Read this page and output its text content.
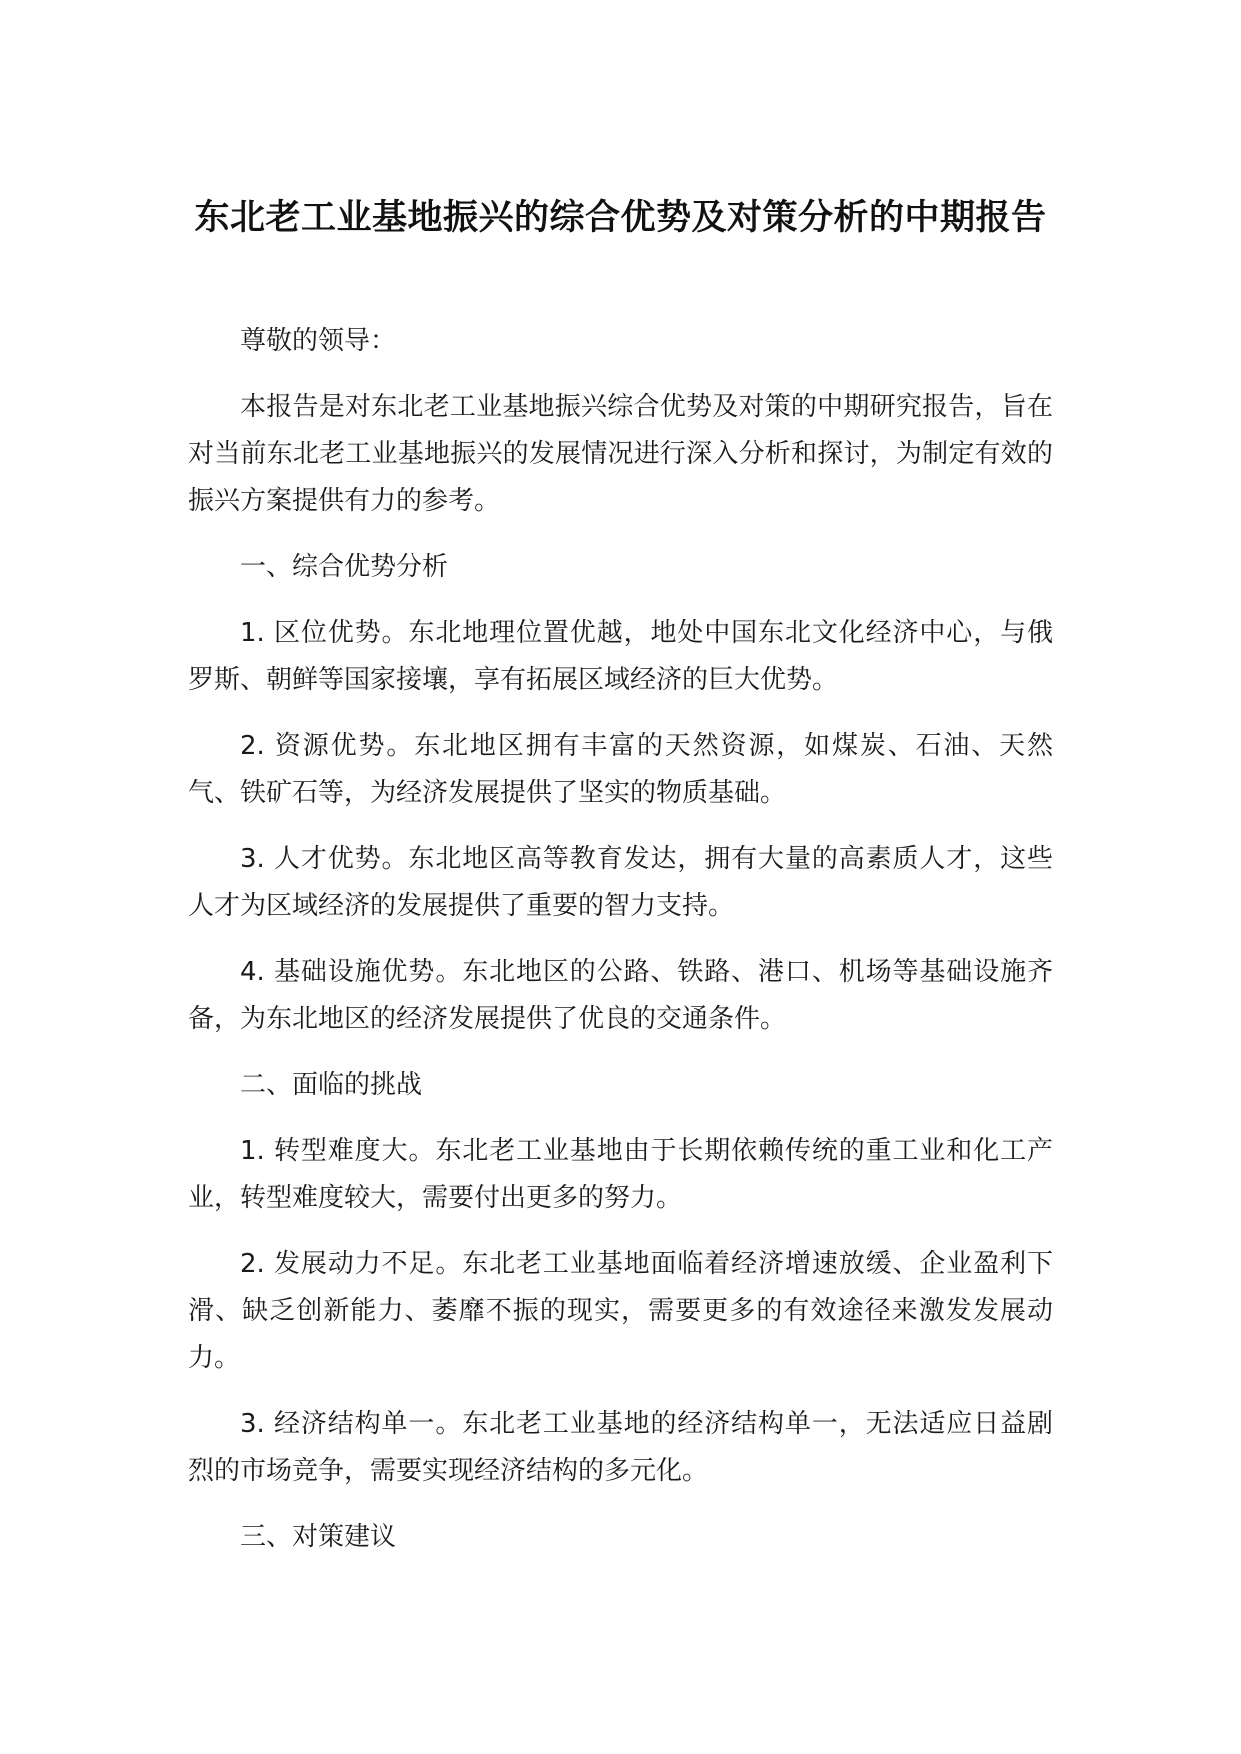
东北老工业基地振兴的综合优势及对策分析的中期报告

尊敬的领导：

本报告是对东北老工业基地振兴综合优势及对策的中期研究报告，旨在对当前东北老工业基地振兴的发展情况进行深入分析和探讨，为制定有效的振兴方案提供有力的参考。

一、综合优势分析

1. 区位优势。东北地理位置优越，地处中国东北文化经济中心，与俄罗斯、朝鲜等国家接壤，享有拓展区域经济的巨大优势。

2. 资源优势。东北地区拥有丰富的天然资源，如煤炭、石油、天然气、铁矿石等，为经济发展提供了坚实的物质基础。

3. 人才优势。东北地区高等教育发达，拥有大量的高素质人才，这些人才为区域经济的发展提供了重要的智力支持。

4. 基础设施优势。东北地区的公路、铁路、港口、机场等基础设施齐备，为东北地区的经济发展提供了优良的交通条件。

二、面临的挑战

1. 转型难度大。东北老工业基地由于长期依赖传统的重工业和化工产业，转型难度较大，需要付出更多的努力。

2. 发展动力不足。东北老工业基地面临着经济增速放缓、企业盈利下滑、缺乏创新能力、萎靡不振的现实，需要更多的有效途径来激发发展动力。

3. 经济结构单一。东北老工业基地的经济结构单一，无法适应日益剧烈的市场竞争，需要实现经济结构的多元化。

三、对策建议
